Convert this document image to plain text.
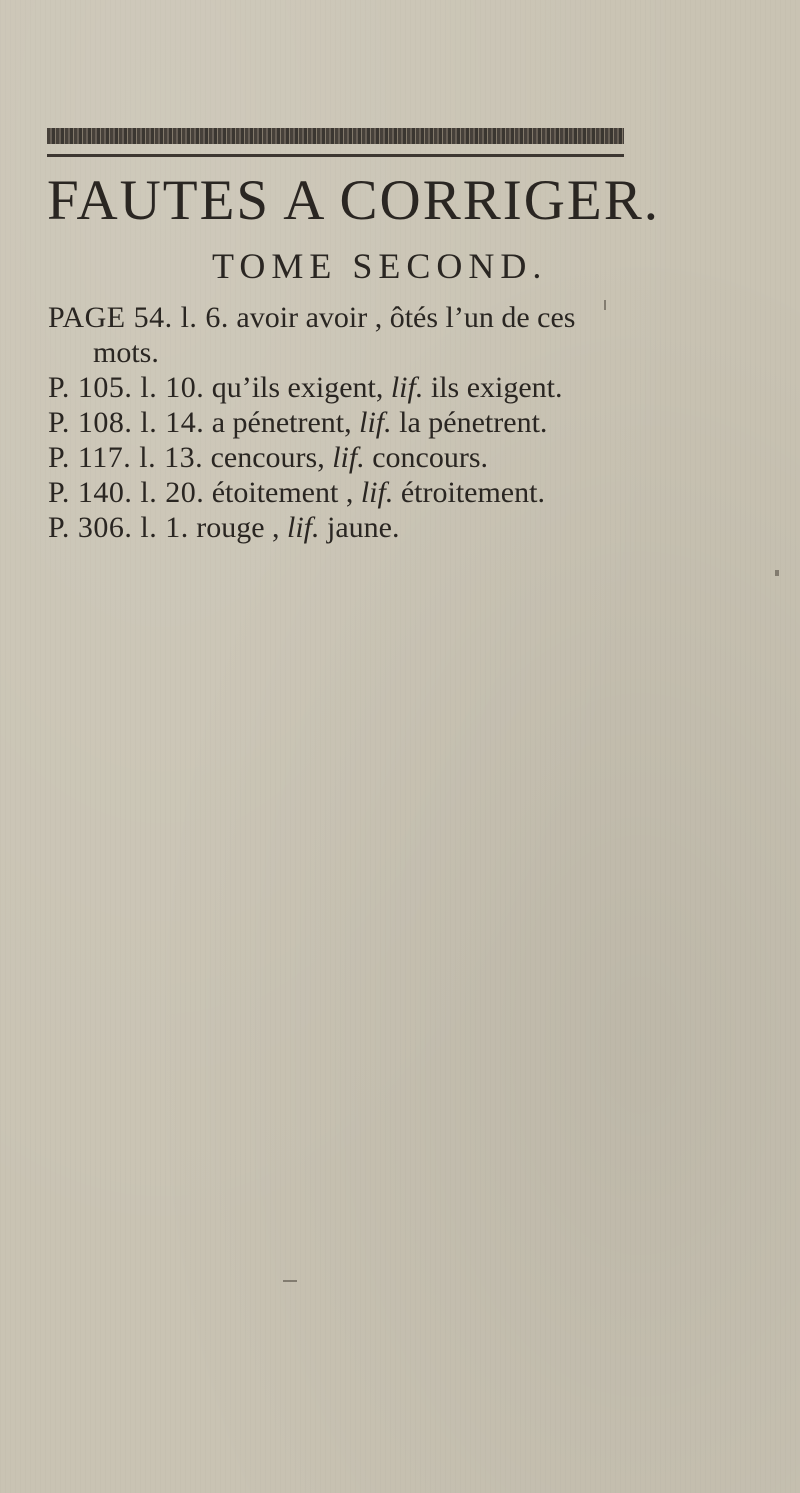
FAUTES A CORRIGER.
TOME SECOND.

PAGE 54. l. 6. avoir avoir , ôtés l’un de ces mots.

P. 105. l. 10. qu’ils exigent, lif. ils exigent.

P. 108. l. 14. a pénetrent, lif. la pénetrent.

P. 117. l. 13. cencours, lif. concours.

P. 140. l. 20. étoitement , lif. étroitement.

P. 306. l. 1. rouge , lif. jaune.
